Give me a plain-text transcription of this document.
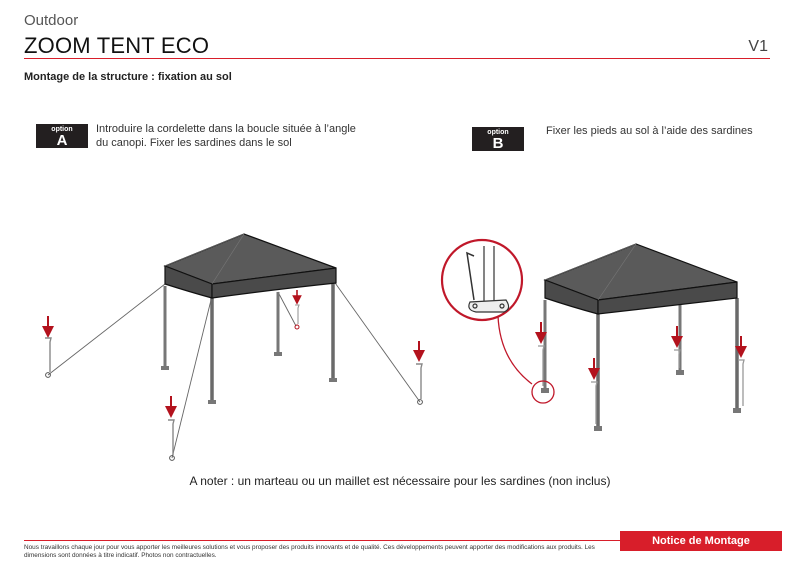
Outdoor
ZOOM TENT ECO	V1
Montage de la structure : fixation au sol
option
A
Introduire la cordelette dans la boucle située à l’angle du canopi. Fixer les sardines dans le sol
option
B
Fixer les pieds au sol à l’aide des sardines
A noter : un marteau ou un maillet est nécessaire pour les sardines (non inclus)
Notice de Montage
Nous travaillons chaque jour pour vous apporter les meilleures solutions et vous proposer des produits innovants et de qualité. Ces développements peuvent apporter des modifications aux produits. Les dimensions sont données à titre indicatif. Photos non contractuelles.
